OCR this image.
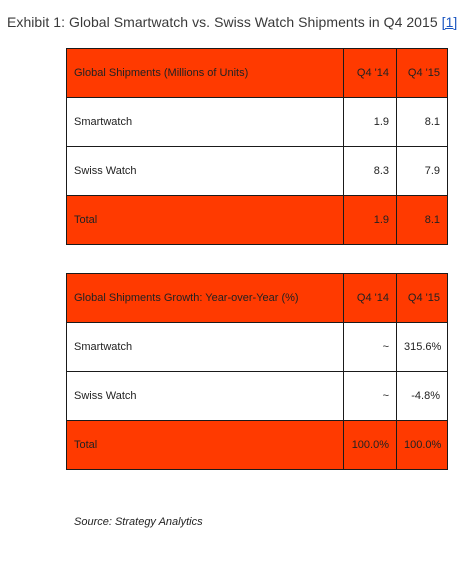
Exhibit 1: Global Smartwatch vs. Swiss Watch Shipments in Q4 2015 [1]
Global Shipments (Millions of Units)	Q4 '14	Q4 '15
Smartwatch	1.9	8.1
Swiss Watch	8.3	7.9
Total	1.9	8.1
Global Shipments Growth: Year-over-Year (%)	Q4 '14	Q4 '15
Smartwatch	~	315.6%
Swiss Watch	~	-4.8%
Total	100.0%	100.0%
Source: Strategy Analytics
